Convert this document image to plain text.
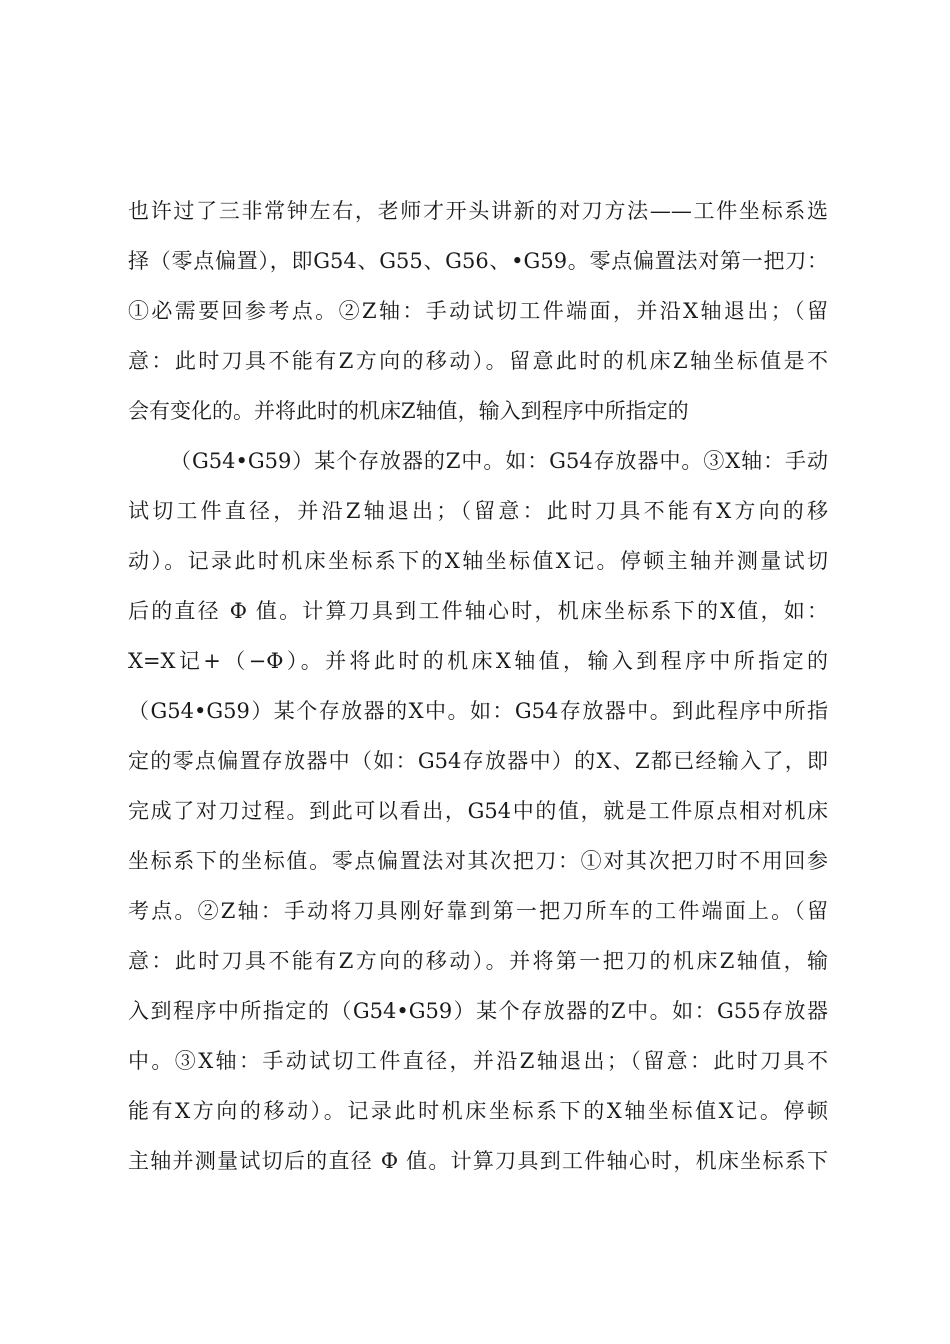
也许过了三非常钟左右，老师才开头讲新的对刀方法——工件坐标系选
择（零点偏置），即G54、G55、G56、•G59。零点偏置法对第一把刀：
①必需要回参考点。②Z轴：手动试切工件端面，并沿X轴退出；（留
意：此时刀具不能有Z方向的移动）。留意此时的机床Z轴坐标值是不
会有变化的。并将此时的机床Z轴值，输入到程序中所指定的
（G54•G59）某个存放器的Z中。如：G54存放器中。③X轴：手动
试切工件直径，并沿Z轴退出；（留意：此时刀具不能有X方向的移
动）。记录此时机床坐标系下的X轴坐标值X记。停顿主轴并测量试切
后的直径 Φ 值。计算刀具到工件轴心时，机床坐标系下的X值，如：
X=X记+（−Φ）。并将此时的机床X轴值，输入到程序中所指定的
（G54•G59）某个存放器的X中。如：G54存放器中。到此程序中所指
定的零点偏置存放器中（如：G54存放器中）的X、Z都已经输入了，即
完成了对刀过程。到此可以看出，G54中的值，就是工件原点相对机床
坐标系下的坐标值。零点偏置法对其次把刀：①对其次把刀时不用回参
考点。②Z轴：手动将刀具刚好靠到第一把刀所车的工件端面上。（留
意：此时刀具不能有Z方向的移动）。并将第一把刀的机床Z轴值，输
入到程序中所指定的（G54•G59）某个存放器的Z中。如：G55存放器
中。③X轴：手动试切工件直径，并沿Z轴退出；（留意：此时刀具不
能有X方向的移动）。记录此时机床坐标系下的X轴坐标值X记。停顿
主轴并测量试切后的直径 Φ 值。计算刀具到工件轴心时，机床坐标系下
